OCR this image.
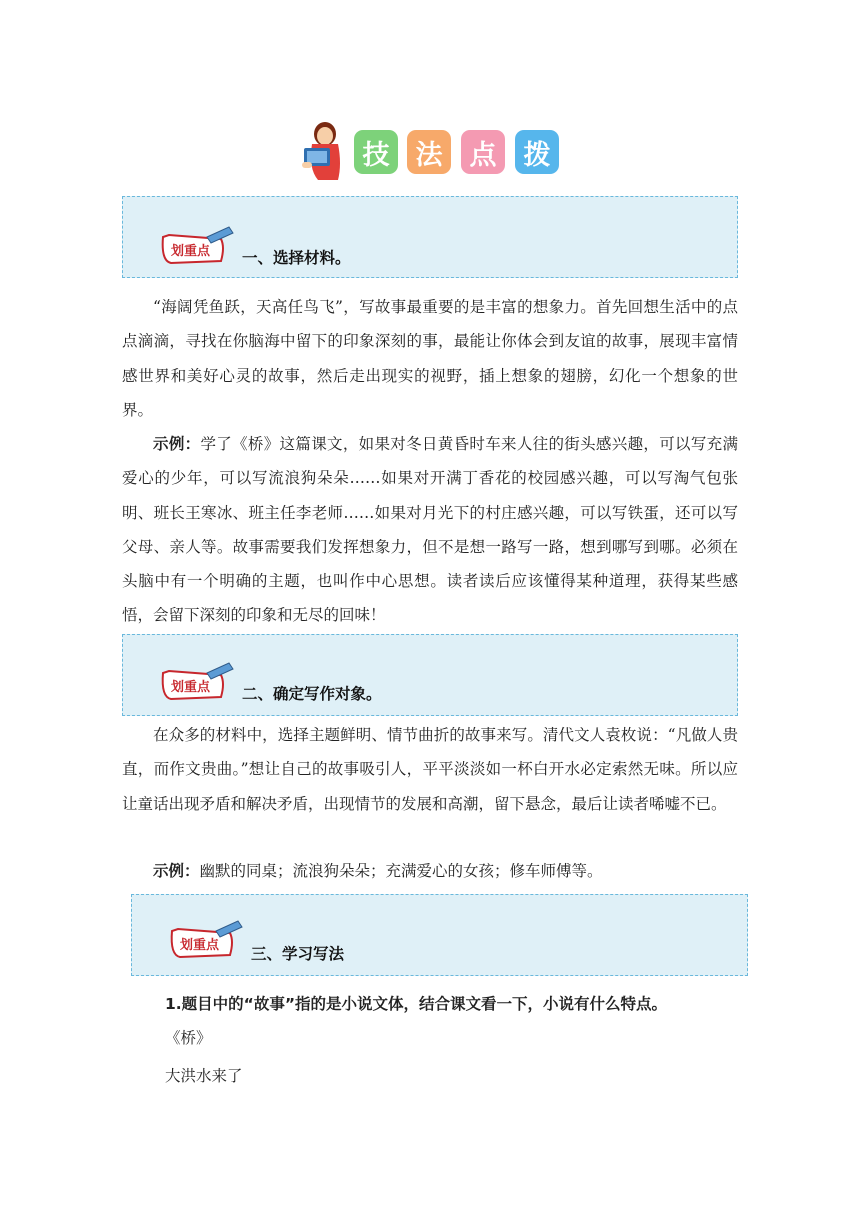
技 法	点	拨
划重点 一、选择材料。

“海阔凭鱼跃，天高任鸟飞”，写故事最重要的是丰富的想象力。首先回想生活中的点点滴滴，寻找在你脑海中留下的印象深刻的事，最能让你体会到友谊的故事，展现丰富情感世界和美好心灵的故事，然后走出现实的视野，插上想象的翅膀，幻化一个想象的世界。

示例：学了《桥》这篇课文，如果对冬日黄昏时车来人往的街头感兴趣，可以写充满爱心的少年，可以写流浪狗朵朵……如果对开满丁香花的校园感兴趣，可以写淘气包张明、班长王寒冰、班主任李老师……如果对月光下的村庄感兴趣，可以写铁蛋，还可以写父母、亲人等。故事需要我们发挥想象力，但不是想一路写一路，想到哪写到哪。必须在头脑中有一个明确的主题，也叫作中心思想。读者读后应该懂得某种道理，获得某些感悟，会留下深刻的印象和无尽的回味！

划重点 二、确定写作对象。

在众多的材料中，选择主题鲜明、情节曲折的故事来写。清代文人袁枚说：“凡做人贵直，而作文贵曲。”想让自己的故事吸引人，平平淡淡如一杯白开水必定索然无味。所以应让童话出现矛盾和解决矛盾，出现情节的发展和高潮，留下悬念，最后让读者唏嘘不已。

示例：幽默的同桌；流浪狗朵朵；充满爱心的女孩；修车师傅等。

划重点 三、学习写法

1.题目中的“故事”指的是小说文体，结合课文看一下，小说有什么特点。

《桥》

大洪水来了
